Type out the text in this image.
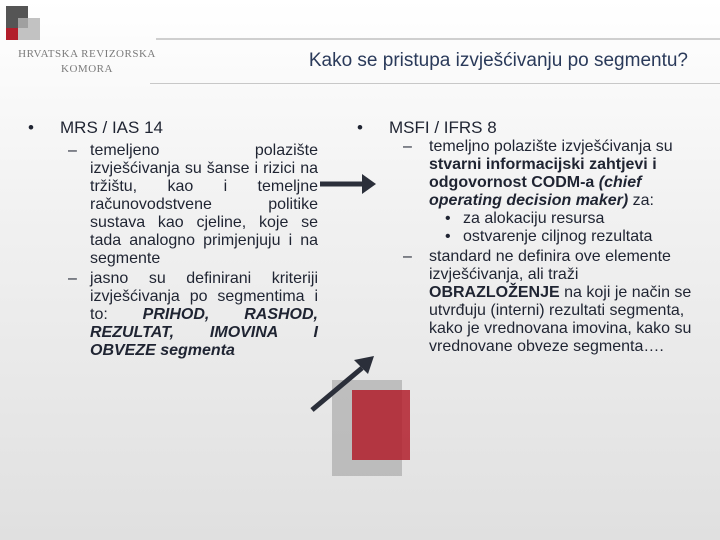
HRVATSKA REVIZORSKA
KOMORA	Kako se pristupa izvješćivanju po segmentu?

• MRS / IAS 14

– temeljeno polazište izvješćivanja su šanse i rizici na tržištu, kao i temeljne računovodstvene politike sustava kao cjeline, koje se tada analogno primjenjuju i na segmente

– jasno su definirani kriteriji izvješćivanja po segmentima i to: PRIHOD, RASHOD, REZULTAT, IMOVINA I OBVEZE segmenta

• MSFI / IFRS 8

– temeljno polazište izvješćivanja su stvarni informacijski zahtjevi i odgovornost CODM-a (chief operating decision maker) za:

• za alokaciju resursa

• ostvarenje ciljnog rezultata

– standard ne definira ove elemente izvješćivanja, ali traži OBRAZLOŽENJE na koji je način se utvrđuju (interni) rezultati segmenta, kako je vrednovana imovina, kako su vrednovane obveze segmenta….
